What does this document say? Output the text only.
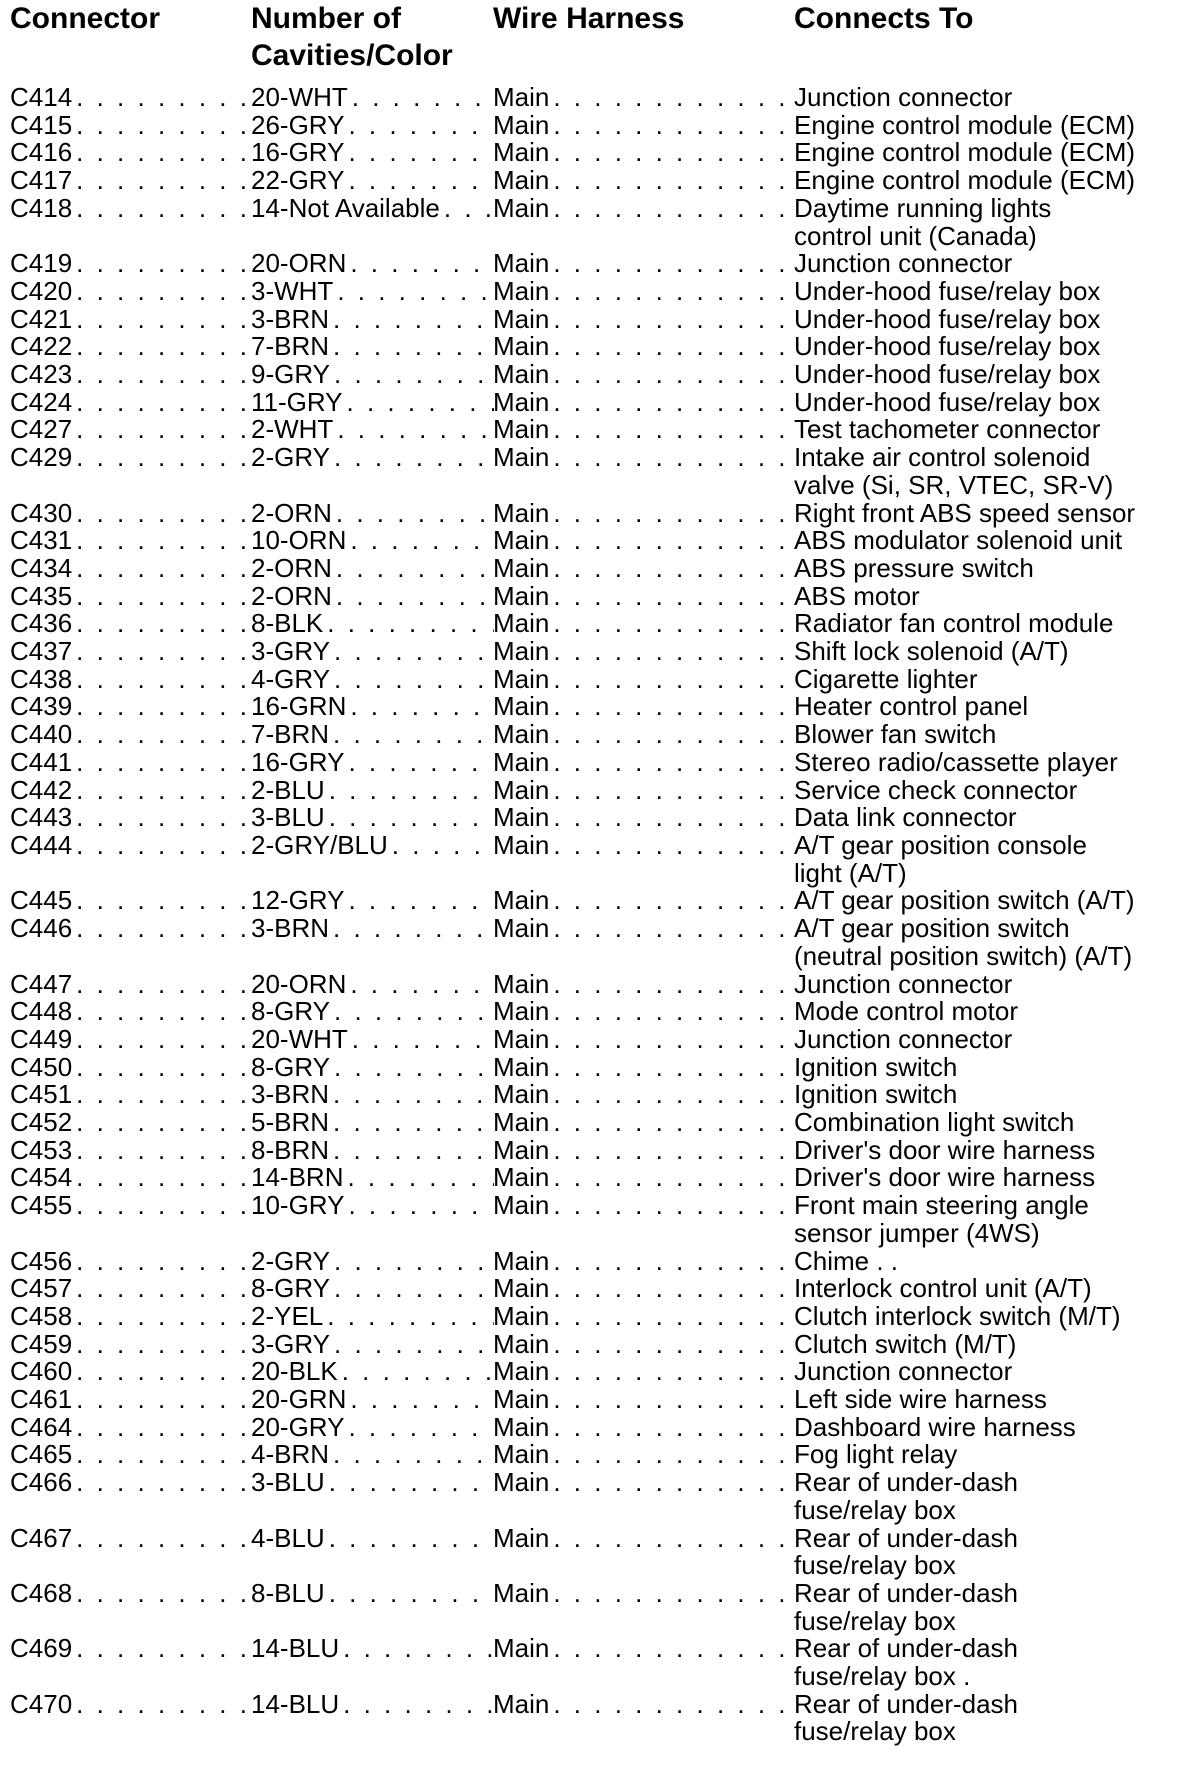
Connector	Number of
Cavities/Color
Wire Harness	Connects To
C414 . . .	20-WHT . . .	Main . . .	Junction connector
C415 . . .	26-GRY . . .	Main . . .	Engine control module (ECM)
C416 . . .	16-GRY . . .	Main . . .	Engine control module (ECM)
C417 . . .	22-GRY . . .	Main . . .	Engine control module (ECM)
C418 . . .	14-Not Available . . . Main . . .	Daytime running lights
control unit (Canada)
C419 . . .	20-ORN . . .	Main . . .	Junction connector
C420 . . .	3-WHT . . .	Main . . .	Under-hood fuse/relay box
C421 . . .	3-BRN . . .	Main . . .	Under-hood fuse/relay box
C422 . . .	7-BRN . . .	Main . . .	Under-hood fuse/relay box
C423 . . .	9-GRY . . .	Main . . .	Under-hood fuse/relay box
C424 . . .	11-GRY . . .	Main . . .	Under-hood fuse/relay box
C427 . . .	2-WHT . . .	Main . . .	Test tachometer connector
C429 . . .	2-GRY . . .	Main . . .	Intake air control solenoid
valve (Si, SR, VTEC, SR-V)
C430 . . .	2-ORN . . .	Main . . .	Right front ABS speed sensor
C431 . . .	10-ORN . . .	Main . . .	ABS modulator solenoid unit
C434 . . .	2-ORN . . .	Main . . .	ABS pressure switch
C435 . . .	2-ORN . . .	Main . . .	ABS motor
C436 . . .	8-BLK . . .	Main . . .	Radiator fan control module
C437 . . .	3-GRY . . .	Main . . .	Shift lock solenoid (A/T)
C438 . . .	4-GRY . . .	Main . . .	Cigarette lighter
C439 . . .	16-GRN . . .	Main . . .	Heater control panel
C440 . . .	7-BRN . . .	Main . . .	Blower fan switch
C441 . . .	16-GRY . . .	Main . . .	Stereo radio/cassette player
C442 . . .	2-BLU . . .	Main . . .	Service check connector
C443 . . .	3-BLU . . .	Main . . .	Data link connector
C444 . . .	2-GRY/BLU . . .	Main . . .	A/T gear position console
light (A/T)
C445 . . .	12-GRY . . .	Main . . .	A/T gear position switch (A/T)
C446 . . .	3-BRN . . .	Main . . .	A/T gear position switch
(neutral position switch) (A/T)
C447 . . .	20-ORN . . .	Main . . .	Junction connector
C448 . . .	8-GRY . . .	Main . . .	Mode control motor
C449 . . .	20-WHT . . .	Main . . .	Junction connector
C450 . . .	8-GRY . . .	Main . . .	Ignition switch
C451 . . .	3-BRN . . .	Main . . .	Ignition switch
C452 . . .	5-BRN . . .	Main . . .	Combination light switch
C453 . . .	8-BRN . . .	Main . . .	Driver's door wire harness
C454 . . .	14-BRN . . .	Main . . .	Driver's door wire harness
C455 . . .	10-GRY . . .	Main . . .	Front main steering angle
sensor jumper (4WS)
C456 . . .	2-GRY . . .	Main . . .	Chime . .
C457 . . .	8-GRY . . .	Main . . .	Interlock control unit (A/T)
C458 . . .	2-YEL . . .	Main . . .	Clutch interlock switch (M/T)
C459 . . .	3-GRY . . .	Main . . .	Clutch switch (M/T)
C460 . . .	20-BLK . . .	Main . . .	Junction connector
C461 . . .	20-GRN . . .	Main . . .	Left side wire harness
C464 . . .	20-GRY . . .	Main . . .	Dashboard wire harness
C465 . . .	4-BRN . . .	Main . . .	Fog light relay
C466 . . .	3-BLU . . .	Main . . .	Rear of under-dash
fuse/relay box
C467 . . .	4-BLU . . .	Main . . .	Rear of under-dash
fuse/relay box
C468 . . .	8-BLU . . .	Main . . .	Rear of under-dash
fuse/relay box
C469 . . .	14-BLU . . .	Main . . .	Rear of under-dash
fuse/relay box .
C470 . . .	14-BLU . . .	Main . . .	Rear of under-dash
fuse/relay box
